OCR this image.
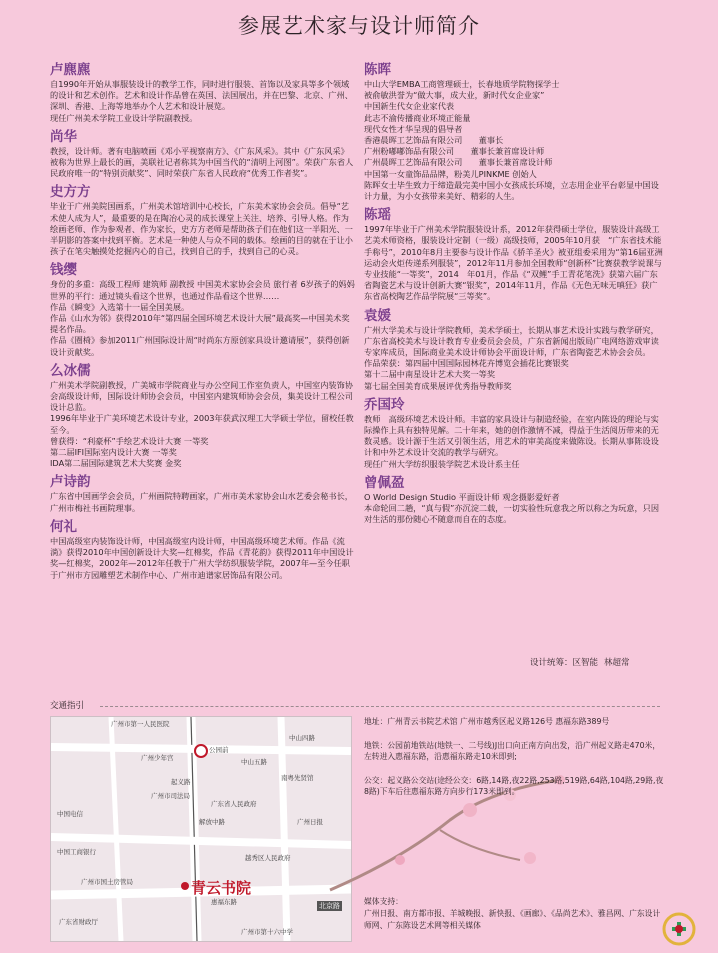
参展艺术家与设计师简介
卢麃麃
自1990年开始从事服装设计的教学工作，同时进行服装、首饰以及家具等多个领域的设计和艺术创作。艺术和设计作品曾在英国、法国展出，并在巴黎、北京、广州、深圳、香港、上海等地举办个人艺术和设计展览。
现任广州美术学院工业设计学院副教授。
尚华
教授，设计师。著有电脑喷画《邓小平视察南方》、《广东风采》。其中《广东风采》被称为世界上最长的画，美联社记者称其为中国当代的“清明上河图”。荣获广东省人民政府唯一的“特别贡献奖”、同时荣获广东省人民政府“优秀工作者奖”。
史方方
毕业于广州美院国画系，广州美术馆培训中心校长，广东美术家协会会员。倡导“艺术使人成为人”，最重要的是在陶冶心灵的成长课堂上关注、培养、引导人格。作为绘画老师、作为参观者、作为家长，史方方老师是帮助孩子们在他们这一半阳光、一半阴影的答案中找到平衡。艺术是一种使人与众不同的载体。绘画的目的就在于让小孩子在笔尖触摸处挖掘内心的自己，找到自己的手，找到自己的心灵。
钱缨
身份的多重：高级工程师 建筑师 副教授 中国美术家协会会员 旅行者 6岁孩子的妈妈
世界的平行：通过镜头看这个世界，也通过作品看这个世界……
作品《瞬变》入选第十一届全国美展。
作品《山水为邻》获得2010年“第四届全国环境艺术设计大展”最高奖—中国美术奖提名作品。
作品《圈椅》参加2011广州国际设计周“时尚东方原创家具设计邀请展”，获得创新设计贡献奖。
么冰儒
广州美术学院副教授，广美城市学院商业与办公空间工作室负责人，中国室内装饰协会高级设计师，国际设计师协会会员，中国室内建筑师协会会员，集美设计工程公司设计总监。
1996年毕业于广美环境艺术设计专业，2003年获武汉理工大学硕士学位，留校任教至今。
曾获得：“利豪杯”手绘艺术设计大赛 一等奖
第二届IFI国际室内设计大赛 一等奖
IDA第二届国际建筑艺术大奖赛 金奖
卢诗韵
广东省中国画学会会员，广州画院特聘画家，广州市美术家协会山水艺委会秘书长，广州市梅社书画院理事。
何礼
中国高级室内装饰设计师，中国高级室内设计师，中国高级环境艺术师。作品《流淌》获得2010年中国创新设计大奖—红棉奖，作品《青花韵》获得2011年中国设计奖—红棉奖，2002年—2012年任教于广州大学纺织服装学院，2007年—至今任职于广州市方园雕塑艺术制作中心、广州市迪谱家居饰品有限公司。
陈晖
中山大学EMBA工商管理硕士，长春地质学院物探学士
被俞敏洪誉为“做大事，成大业，新时代女企业家”
中国新生代女企业家代表
此志不渝传播商业环境正能量
现代女性才华呈现的倡导者
香港晨晖工艺饰品有限公司　　董事长
广州粉嘟嘟饰品有限公司　　董事长兼首席设计师
广州晨晖工艺饰品有限公司　　董事长兼首席设计师
中国第一女童饰品品牌，粉美儿PINKME 创始人
陈晖女士毕生致力于缔造最完美中国小女孩成长环境，立志用企业平台彰显中国设计力量，为小女孩带来美好、精彩的人生。
陈瑶
1997年毕业于广州美术学院服装设计系，2012年获得硕士学位，服装设计高级工艺美术师资格，服装设计定制（一级）高级技师，2005年10月获　“广东省技术能手称号”，2010年8月主要参与设计作品《骄羊圣火》被亚组委采用为“第16届亚洲运动会火炬传递系列服装”，2012年11月参加全国教师“创新杯”比赛获教学说课与专业技能“一等奖”，2014　年01月，作品《“双鲤”手工青花笔洗》获第六届广东省陶瓷艺术与设计创新大赛“银奖”，2014年11月，作品《无色无味无嗔狂》获广东省高校陶艺作品学院展“三等奖”。
袁媛
广州大学美术与设计学院教师，美术学硕士，长期从事艺术设计实践与教学研究，广东省高校美术与设计教育专业委员会会员，广东省新闻出版局广电网络游戏审读专家库成员，国际商业美术设计师协会平面设计师，广东省陶瓷艺术协会会员。
作品荣获：第四届中国国际园林花卉博览会插花比赛银奖
第十二届中南星设计艺术大奖一等奖
第七届全国美育成果展评优秀指导教师奖
乔国玲
教师　高级环境艺术设计师。丰富的家具设计与制造经验，在室内陈设的理论与实际操作上具有独特见解。二十年来，她的创作激情不减，得益于生活阅历带来的无数灵感。设计源于生活又引领生活，用艺术的审美高度来做陈设。长期从事陈设设计和中外艺术设计交流的教学与研究。
现任广州大学纺织服装学院艺术设计系主任
曾佩盈
O World Design Studio 平面设计师 观念摄影爱好者
本命轮回二趟，“真与假”亦沉淀二载，一切实验性玩意我之所以称之为玩意，只因对生活的那份随心不随意而自在的态度。
设计统筹：区智能 林超常
交通指引
公园前
北京路
广州市第一人民医院
起义路
惠福东路
中山五路
广州少年宫
广州市司法局
中国电信
解放中路
广东省财政厅
广东省人民政府
广州日报
中国工商银行
中山四路
越秀区人民政府
广州市第十六中学
广州市国土房管局
南粤先贤馆
青云书院

地址：广州青云书院艺术馆 广州市越秀区起义路126号 惠福东路389号

地铁：公园前地铁站(地铁一、二号线)J出口向正南方向出发，沿广州起义路走470米，左转进入惠福东路，沿惠福东路走10米即到;

公交：起义路公交站(途经公交：6路,14路,夜22路,253路,519路,64路,104路,29路,夜8路)下车后往惠福东路方向步行173米即到。

媒体支持：
广州日报、南方都市报、羊城晚报、新快报、《画廊》、《品尚艺术》、雅昌网、广东设计师网、广东陈设艺术网等相关媒体
